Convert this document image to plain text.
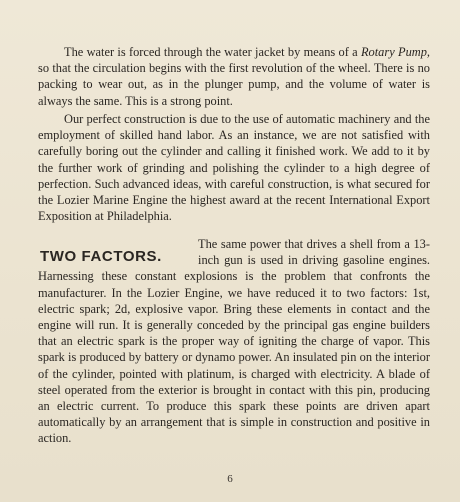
The water is forced through the water jacket by means of a Rotary Pump, so that the circulation begins with the first revolution of the wheel. There is no packing to wear out, as in the plunger pump, and the volume of water is always the same. This is a strong point.
Our perfect construction is due to the use of automatic machinery and the employment of skilled hand labor. As an instance, we are not satisfied with carefully boring out the cylinder and calling it finished work. We add to it by the further work of grinding and polishing the cylinder to a high degree of perfection. Such advanced ideas, with careful construction, is what secured for the Lozier Marine Engine the highest award at the recent International Export Exposition at Philadelphia.
TWO FACTORS.
The same power that drives a shell from a 13-inch gun is used in driving gasoline engines. Harnessing these constant explosions is the problem that confronts the manufacturer. In the Lozier Engine, we have reduced it to two factors: 1st, electric spark; 2d, explosive vapor. Bring these elements in contact and the engine will run. It is generally conceded by the principal gas engine builders that an electric spark is the proper way of igniting the charge of vapor. This spark is produced by battery or dynamo power. An insulated pin on the interior of the cylinder, pointed with platinum, is charged with electricity. A blade of steel operated from the exterior is brought in contact with this pin, producing an electric current. To produce this spark these points are driven apart automatically by an arrangement that is simple in construction and positive in action.
6
